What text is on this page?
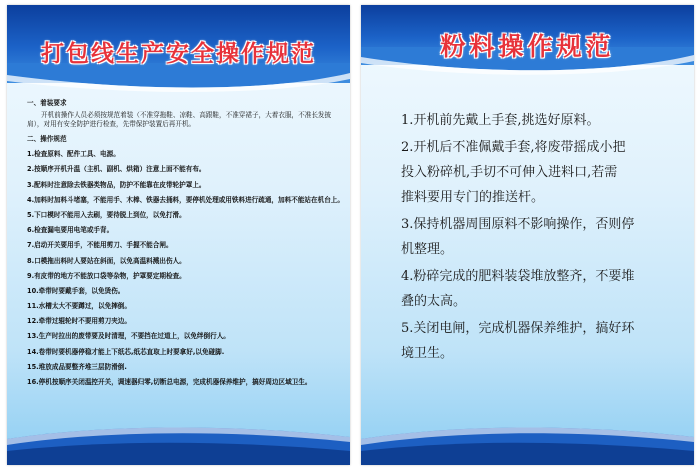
打包线生产安全操作规范
一、着装要求
开机前操作人员必须按规范着装（不准穿拖鞋、凉鞋、高跟鞋，不准穿裙子，大着衣服，不准长发披肩），对用有安全防护进行检查，先带保护装置后再开机。
二、操作规范
1.检查原料、配件工具、电源。
2.按顺序开机升温（主机、副机、烘箱）注意上面不能有布。
3.配料时注意除去铁器类物品，防护不能靠在皮带轮护罩上。
4.加料时加料斗堵塞，不能用手、木棒、铁器去捅料，要停机处理或用铁料进行疏通，加料不能站在机台上。
5.下口模时不能用入去刷，要待脱上到位，以免打滑。
6.检查漏电要用电笔或手背。
7.启动开关要用手，不能用剪刀、手握不能合闸。
8.口模拖出料时人要站在斜面，以免高温料溅出伤人。
9.有皮带的地方不能放口袋等杂物，护罩要定期检查。
10.牵带时要戴手套，以免烫伤。
11.水槽太大不要蹲过，以免摔倒。
12.牵带过辊轮时不要用剪刀夹边。
13.生产时拉出的废带要及时清理，不要挡在过道上，以免绊倒行人。
14.卷带时要机器停稳才能上下纸芯,纸芯直取上时要拿好,以免碰脚.
15.堆放成品要整齐堆三层防滑倒.
16.停机按顺序关闭温控开关，调速器归零,切断总电源，完成机器保养维护，搞好周边区域卫生。
粉料操作规范
1.开机前先戴上手套,挑选好原料。
2.开机后不准佩戴手套,将废带摇成小把
投入粉碎机,手切不可伸入进料口,若需
推料要用专门的推送杆。
3.保持机器周围原料不影响操作，否则停
机整理。
4.粉碎完成的肥料装袋堆放整齐，不要堆
叠的太高。
5.关闭电闸，完成机器保养维护，搞好环
境卫生。
